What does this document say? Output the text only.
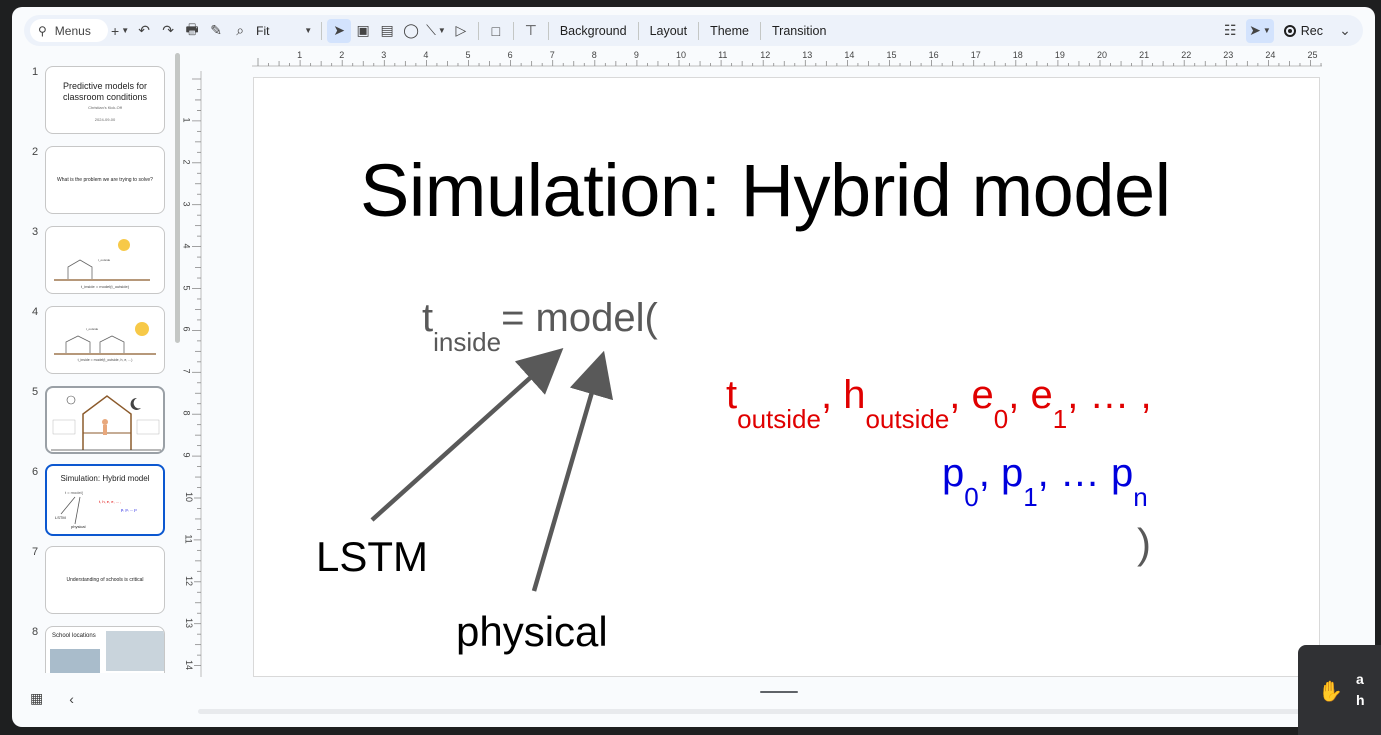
⚲ Menus + ▼ ↶ ↷ 🖶 ✎	⌕	Fit	▼	➤ ▣ ▤ ◯ ⟍ ▼ ▷	□	⊤	Background	Layout	Theme	Transition	☷ ➤ ▼ Rec	⌄
1
Predictive models for classroom conditions
Christian's Kick-Off
2024-09-00
2
What is the problem we are trying to solve?
3
t_inside = model(t_outside)
t_outside
4
t_inside = model(t_outside, h, e, ...)
t_outside
5
6
Simulation: Hybrid model
t = model(
t, h, e, e, ... ,
p, p, ... p
LSTM
physical
7
Understanding of schools is critical
8	School locations
▦ ‹
Simulation: Hybrid model
$t_{inside}=$ model(
$t_{outside}$, $h_{outside}$, $e_0$, $e_1$, … ,
$p_0$, $p_1$, … $p_n$
)
LSTM
physical
1	2	3	4	5	6	7	8	9	10	11	12	13	14	15	16	17	18	19	20	21	22	23	24	25
1
2
3
4
5
6
7
8
9
10
11
12
13
14
✋
a
h
